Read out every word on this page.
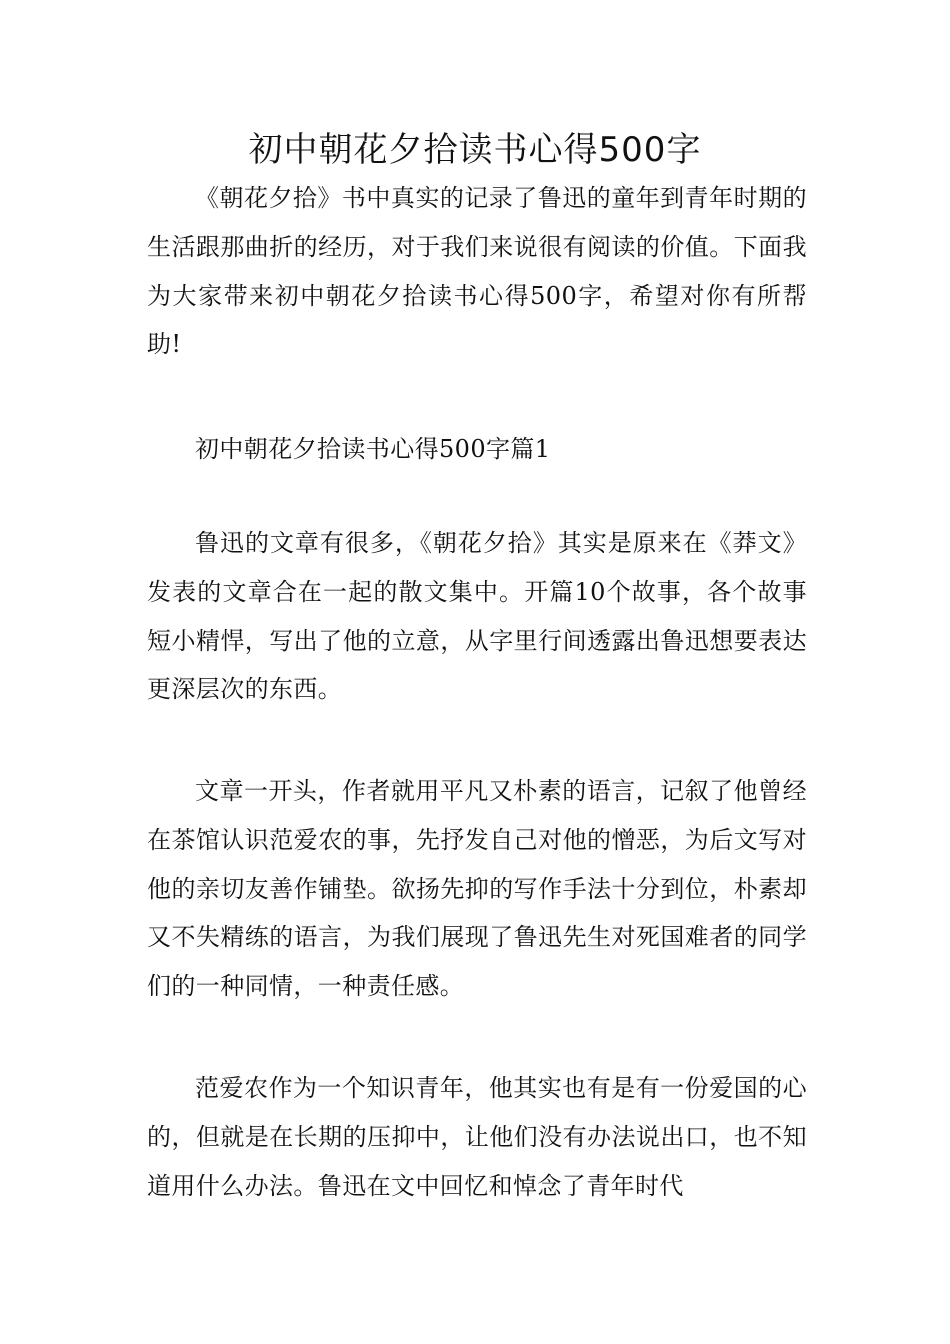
初中朝花夕拾读书心得500字

《朝花夕拾》书中真实的记录了鲁迅的童年到青年时期的生活跟那曲折的经历，对于我们来说很有阅读的价值。下面我为大家带来初中朝花夕拾读书心得500字，希望对你有所帮助!

初中朝花夕拾读书心得500字篇1

鲁迅的文章有很多，《朝花夕拾》其实是原来在《莽文》发表的文章合在一起的散文集中。开篇10个故事，各个故事短小精悍，写出了他的立意，从字里行间透露出鲁迅想要表达更深层次的东西。

文章一开头，作者就用平凡又朴素的语言，记叙了他曾经在茶馆认识范爱农的事，先抒发自己对他的憎恶，为后文写对他的亲切友善作铺垫。欲扬先抑的写作手法十分到位，朴素却又不失精练的语言，为我们展现了鲁迅先生对死国难者的同学们的一种同情，一种责任感。

范爱农作为一个知识青年，他其实也有是有一份爱国的心的，但就是在长期的压抑中，让他们没有办法说出口，也不知道用什么办法。鲁迅在文中回忆和悼念了青年时代
